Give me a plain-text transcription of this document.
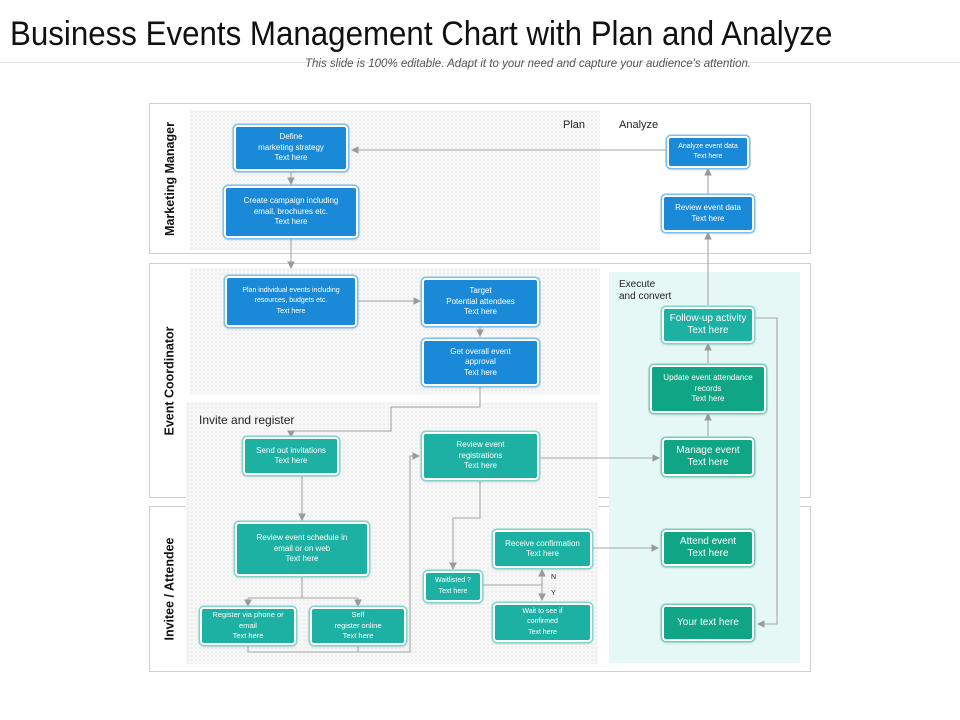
Business Events Management Chart with Plan and Analyze
This slide is 100% editable. Adapt it to your need and capture your audience's attention.
Marketing Manager
Event Coordinator
Invitee / Attendee
Plan	Analyze
Execute
and convert
Invite and register
N
Y
Define
marketing strategy
Text here
Create campaign including
email, brochures etc.
Text here
Plan individual events including
resources, budgets etc.
Text here
Target
Potential attendees
Text here
Get overall event
approval
Text here
Analyze event data
Text here
Review event data
Text here
Send out invitations
Text here
Review event
registrations
Text here
Review event schedule in
email or on web
Text here
Register via phone or
email
Text here
Self
register online
Text here
Waitlisted ?
Text here
Receive confirmation
Text here
Wait to see if
confirmed
Text here
Follow-up activity
Text here
Update event attendance
records
Text here
Manage event
Text here
Attend event
Text here
Your text here
